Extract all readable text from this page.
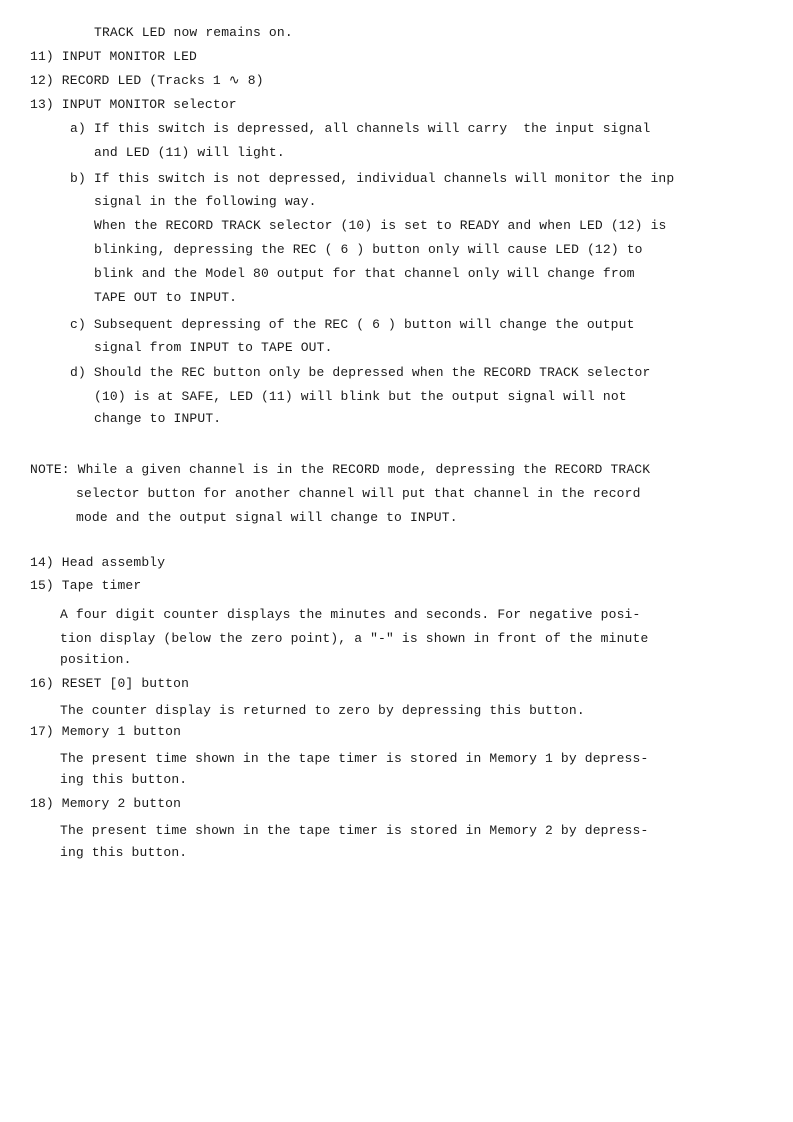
TRACK LED now remains on.
11) INPUT MONITOR LED
12) RECORD LED (Tracks 1 ∿ 8)
13) INPUT MONITOR selector
a) If this switch is depressed, all channels will carry  the input signal
and LED (11) will light.
b) If this switch is not depressed, individual channels will monitor the inp
signal in the following way.
When the RECORD TRACK selector (10) is set to READY and when LED (12) is
blinking, depressing the REC ( 6 ) button only will cause LED (12) to
blink and the Model 80 output for that channel only will change from
TAPE OUT to INPUT.
c) Subsequent depressing of the REC ( 6 ) button will change the output
signal from INPUT to TAPE OUT.
d) Should the REC button only be depressed when the RECORD TRACK selector
(10) is at SAFE, LED (11) will blink but the output signal will not
change to INPUT.
NOTE: While a given channel is in the RECORD mode, depressing the RECORD TRACK
selector button for another channel will put that channel in the record
mode and the output signal will change to INPUT.
14) Head assembly
15) Tape timer
A four digit counter displays the minutes and seconds. For negative posi-
tion display (below the zero point), a "-" is shown in front of the minute
position.
16) RESET [0] button
The counter display is returned to zero by depressing this button.
17) Memory 1 button
The present time shown in the tape timer is stored in Memory 1 by depress-
ing this button.
18) Memory 2 button
The present time shown in the tape timer is stored in Memory 2 by depress-
ing this button.
